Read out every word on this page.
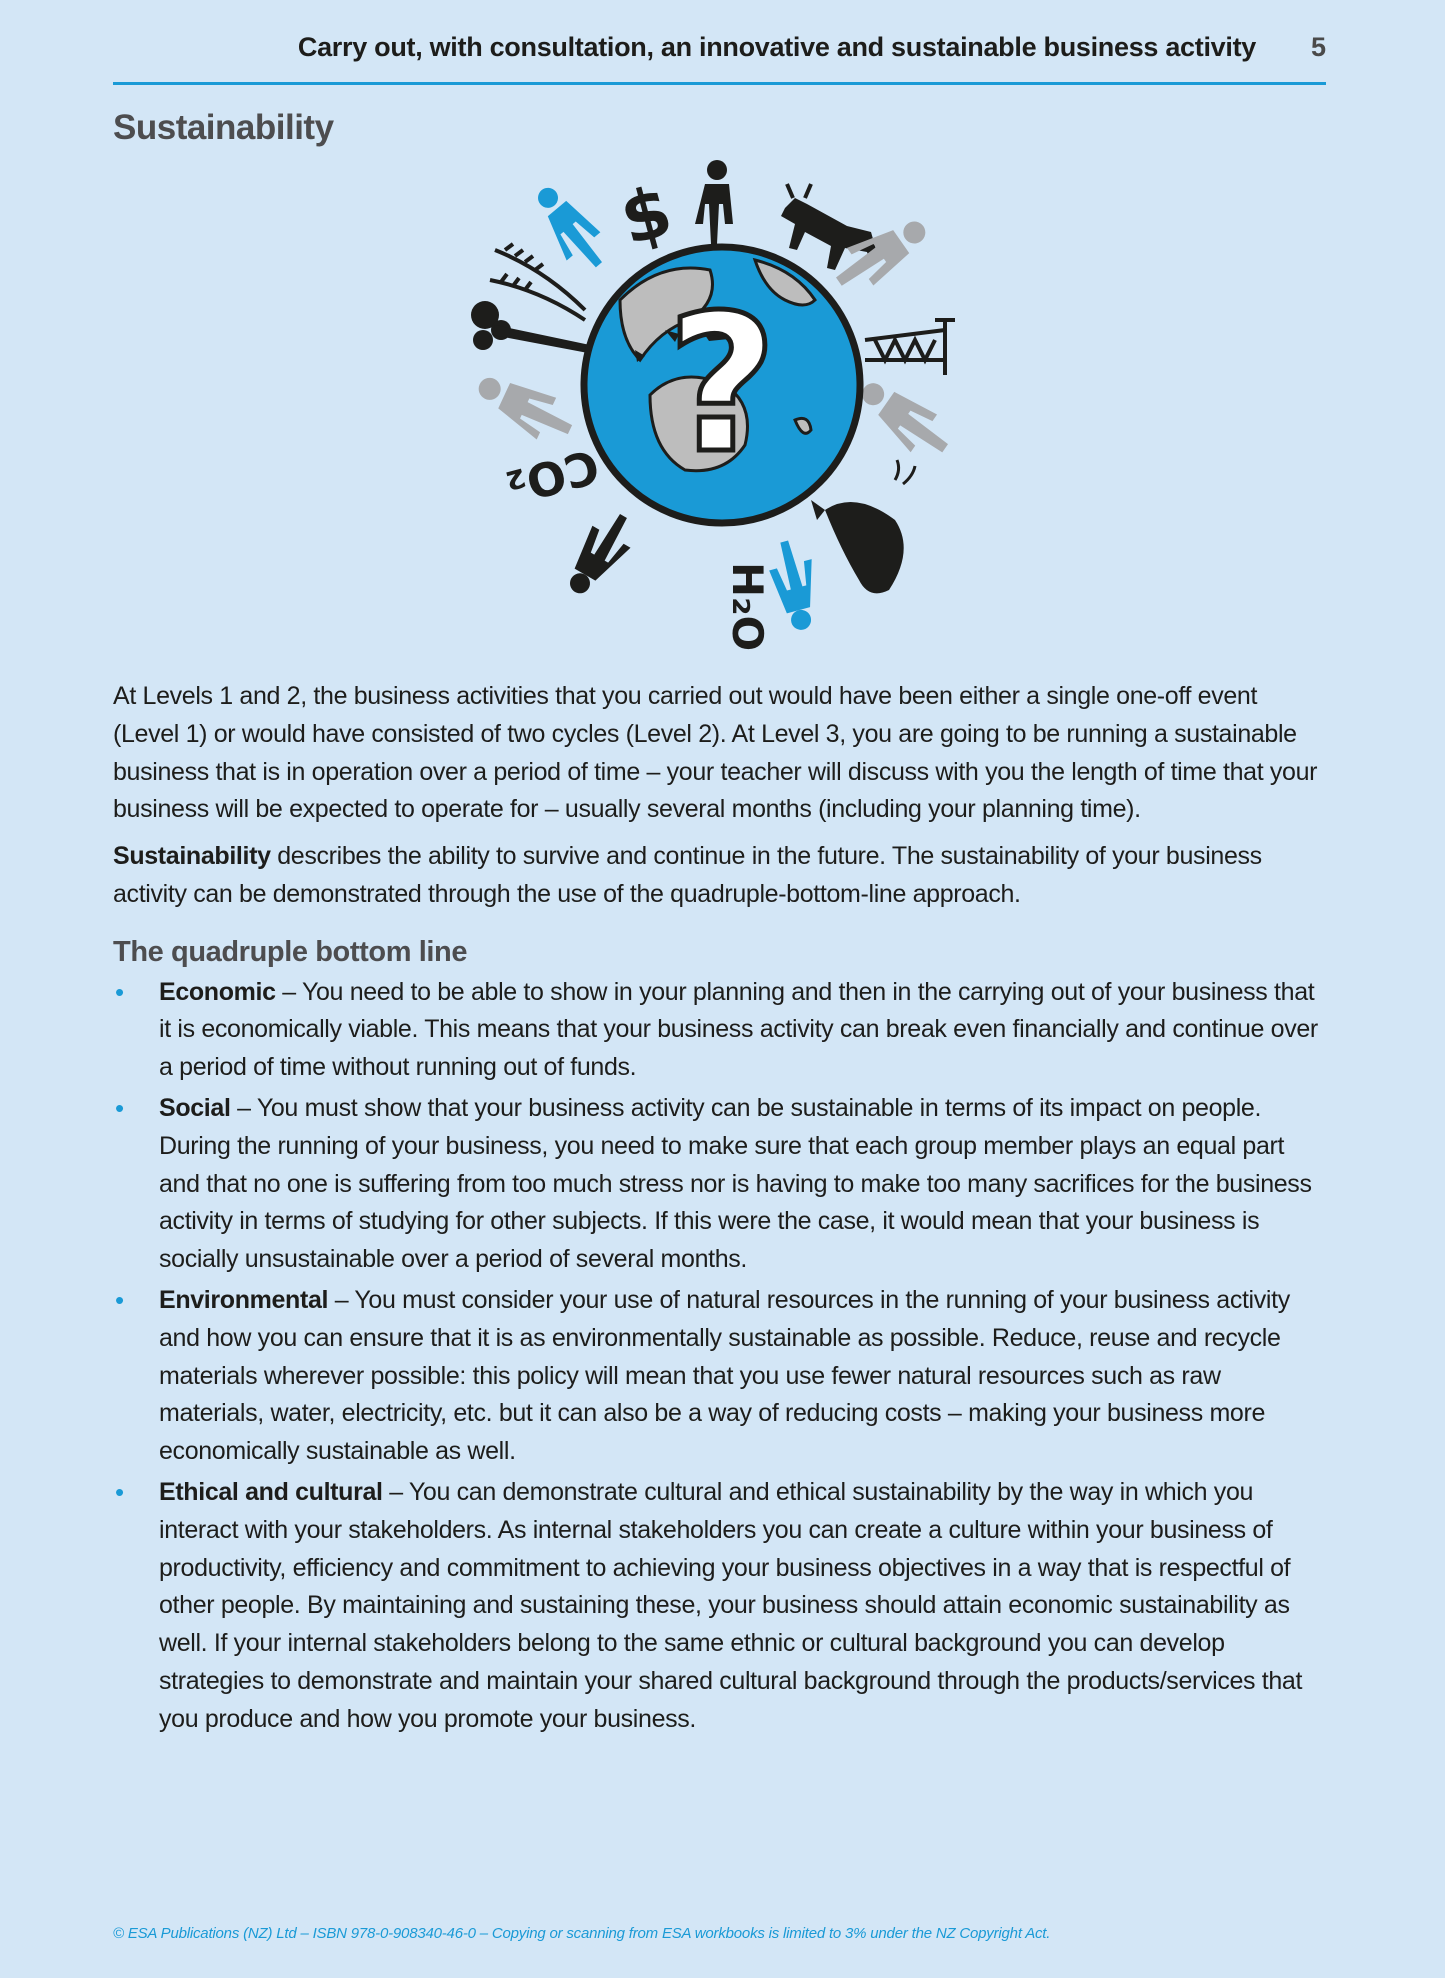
Carry out, with consultation, an innovative and sustainable business activity 5
Sustainability
$
CO₂
H₂O
?

At Levels 1 and 2, the business activities that you carried out would have been either a single one-off event (Level 1) or would have consisted of two cycles (Level 2). At Level 3, you are going to be running a sustainable business that is in operation over a period of time – your teacher will discuss with you the length of time that your business will be expected to operate for – usually several months (including your planning time).

Sustainability describes the ability to survive and continue in the future. The sustainability of your business activity can be demonstrated through the use of the quadruple-bottom-line approach.

The quadruple bottom line
• Economic – You need to be able to show in your planning and then in the carrying out of your business that it is economically viable. This means that your business activity can break even financially and continue over a period of time without running out of funds.
• Social – You must show that your business activity can be sustainable in terms of its impact on people. During the running of your business, you need to make sure that each group member plays an equal part and that no one is suffering from too much stress nor is having to make too many sacrifices for the business activity in terms of studying for other subjects. If this were the case, it would mean that your business is socially unsustainable over a period of several months.
• Environmental – You must consider your use of natural resources in the running of your business activity and how you can ensure that it is as environmentally sustainable as possible. Reduce, reuse and recycle materials wherever possible: this policy will mean that you use fewer natural resources such as raw materials, water, electricity, etc. but it can also be a way of reducing costs – making your business more economically sustainable as well.
• Ethical and cultural – You can demonstrate cultural and ethical sustainability by the way in which you interact with your stakeholders. As internal stakeholders you can create a culture within your business of productivity, efficiency and commitment to achieving your business objectives in a way that is respectful of other people. By maintaining and sustaining these, your business should attain economic sustainability as well. If your internal stakeholders belong to the same ethnic or cultural background you can develop strategies to demonstrate and maintain your shared cultural background through the products/services that you produce and how you promote your business.
© ESA Publications (NZ) Ltd – ISBN 978-0-908340-46-0 – Copying or scanning from ESA workbooks is limited to 3% under the NZ Copyright Act.
